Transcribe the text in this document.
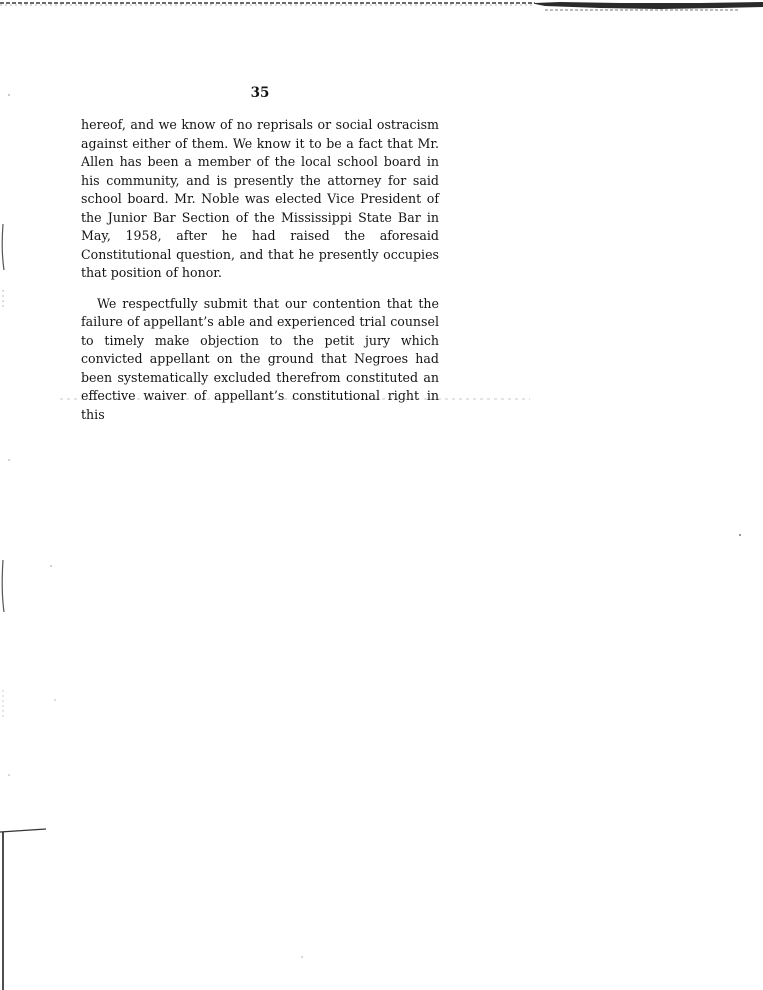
35

hereof, and we know of no reprisals or social ostracism against either of them. We know it to be a fact that Mr. Allen has been a member of the local school board in his community, and is presently the attorney for said school board. Mr. Noble was elected Vice President of the Junior Bar Section of the Mississippi State Bar in May, 1958, after he had raised the aforesaid Constitutional question, and that he presently occupies that position of honor.

We respectfully submit that our contention that the failure of appellant’s able and experienced trial counsel to timely make objection to the petit jury which convicted appellant on the ground that Negroes had been systematically excluded therefrom constituted an effective waiver of appellant’s constitutional right in this
